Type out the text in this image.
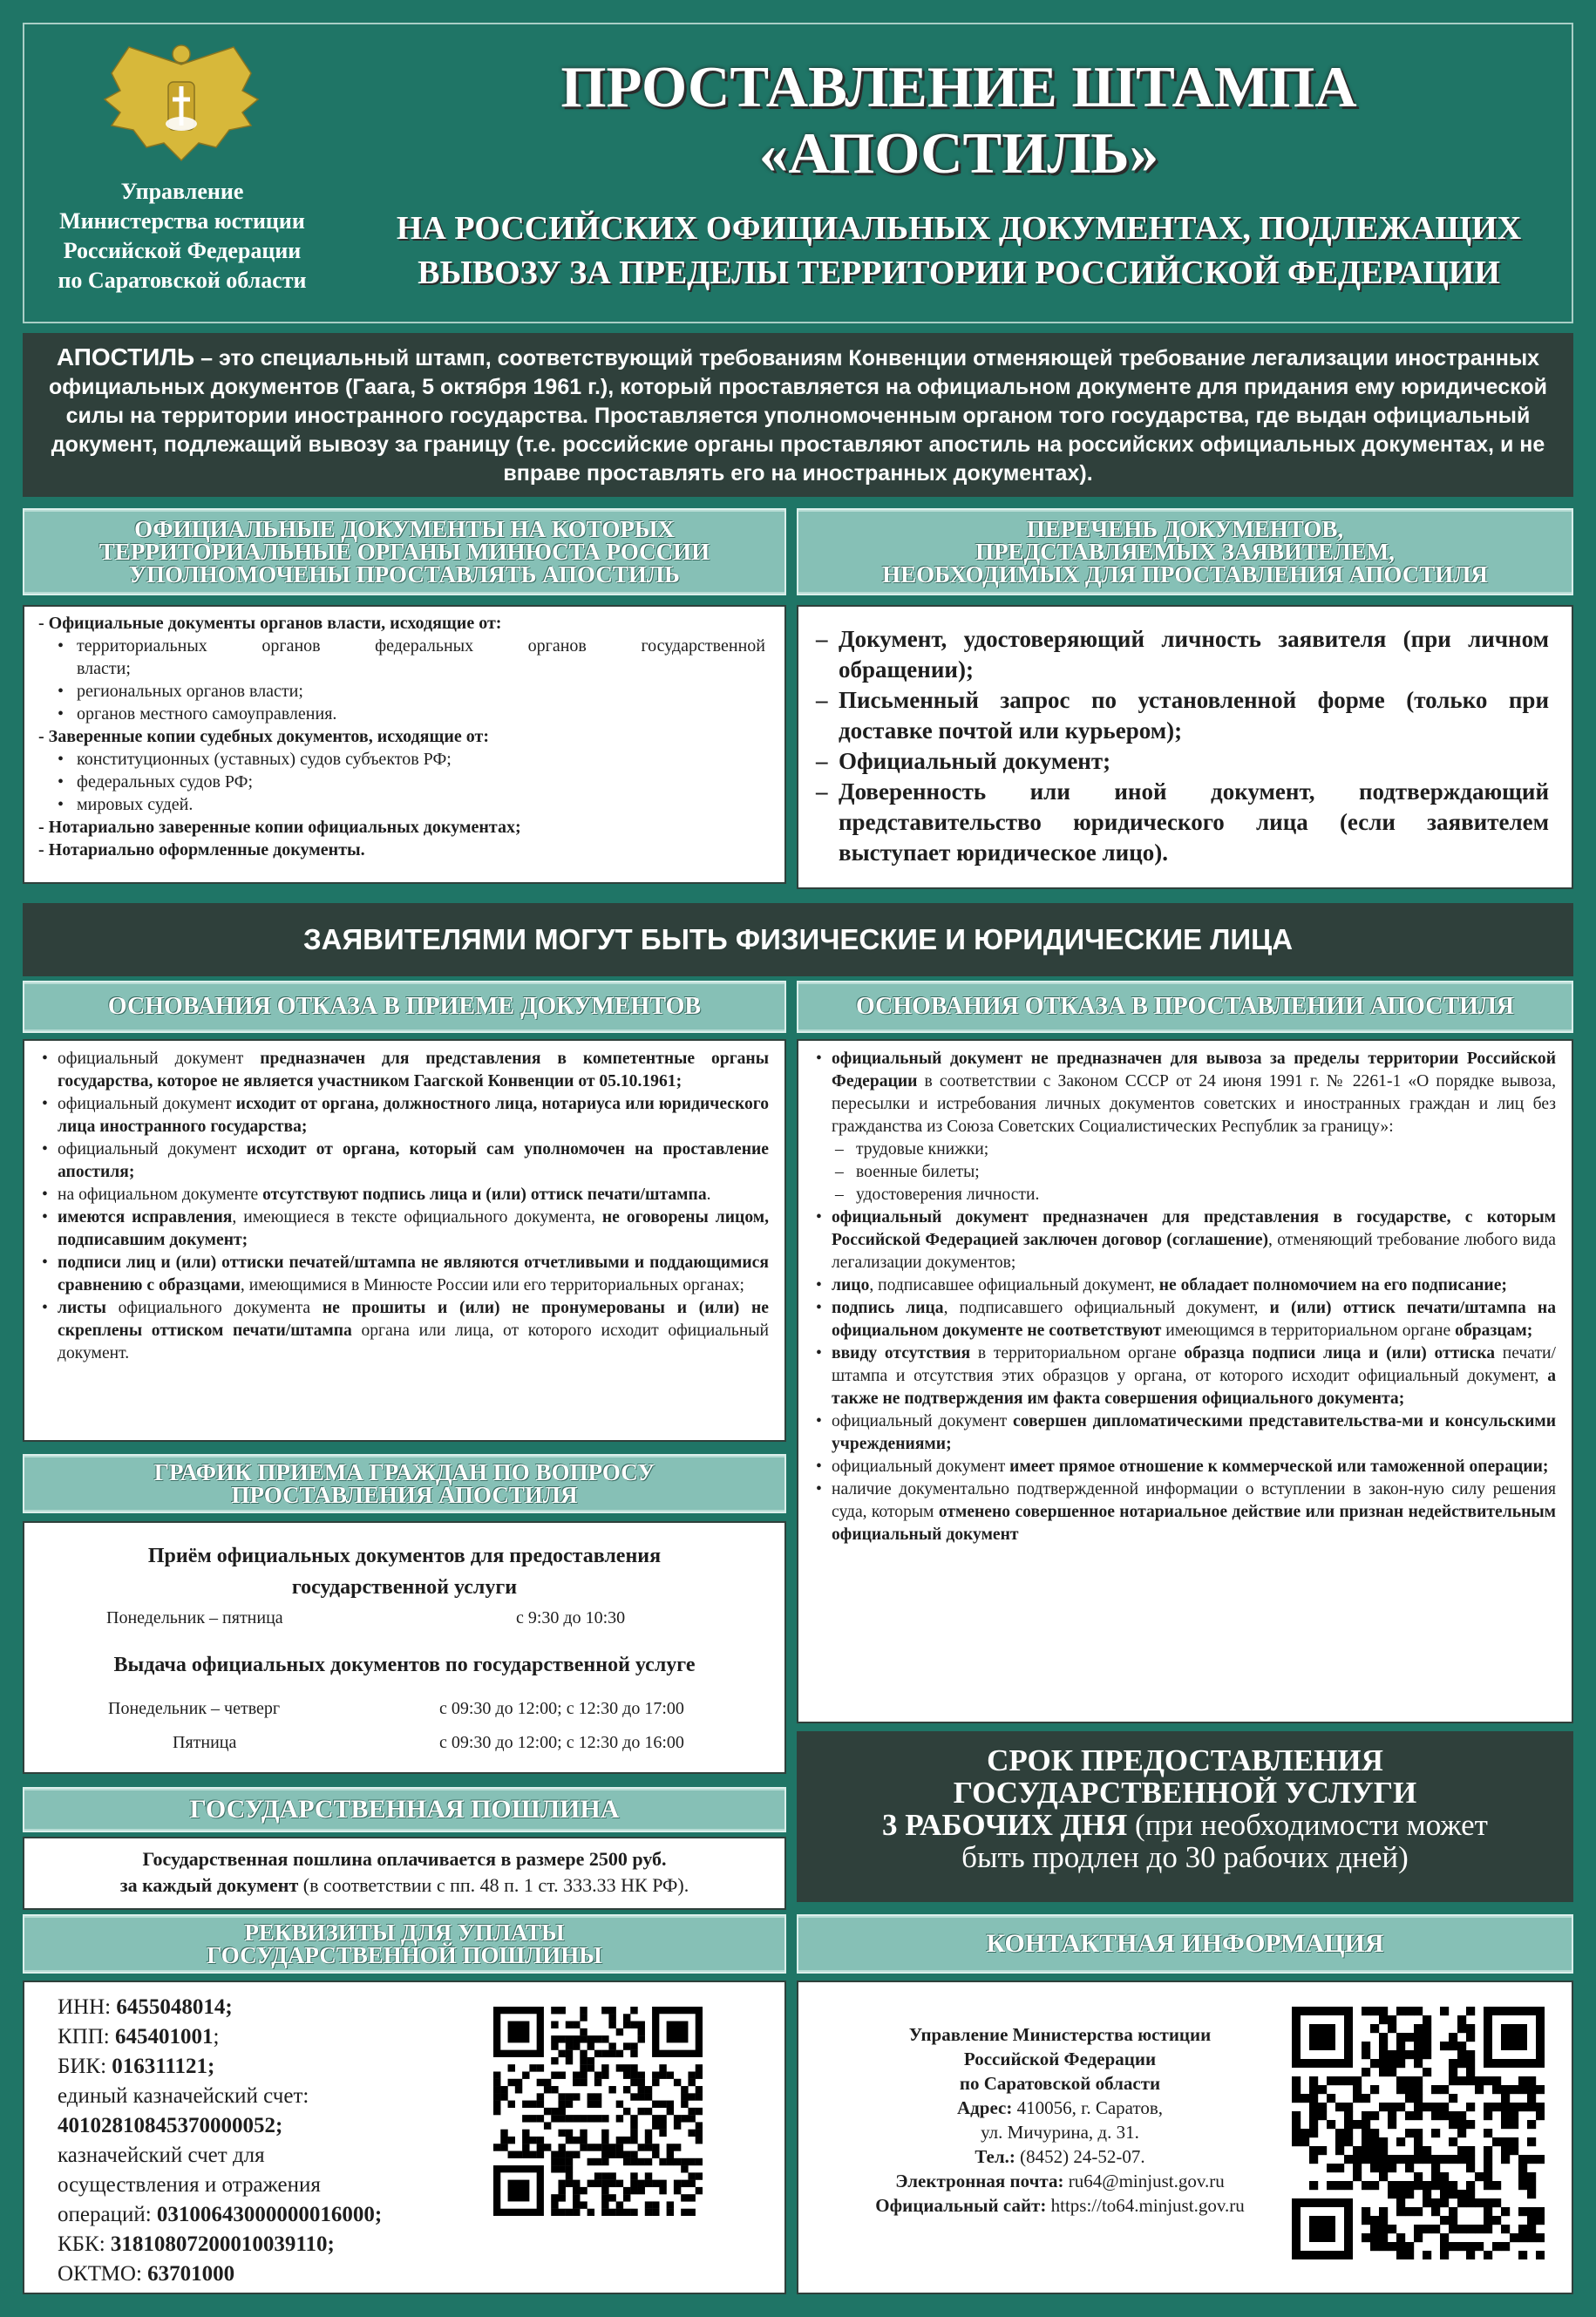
Управление
Министерства юстиции
Российской Федерации
по Саратовской области
ПРОСТАВЛЕНИЕ ШТАМПА
«АПОСТИЛЬ»
НА РОССИЙСКИХ ОФИЦИАЛЬНЫХ ДОКУМЕНТАХ, ПОДЛЕЖАЩИХ
ВЫВОЗУ ЗА ПРЕДЕЛЫ ТЕРРИТОРИИ РОССИЙСКОЙ ФЕДЕРАЦИИ
АПОСТИЛЬ – это специальный штамп, соответствующий требованиям Конвенции отменяющей требование легализации иностранных официальных документов (Гаага, 5 октября 1961 г.), который проставляется на официальном документе для придания ему юридической силы на территории иностранного государства. Проставляется уполномоченным органом того государства, где выдан официальный документ, подлежащий вывозу за границу (т.е. российские органы проставляют апостиль на российских официальных документах, и не вправе проставлять его на иностранных документах).
ОФИЦИАЛЬНЫЕ ДОКУМЕНТЫ НА КОТОРЫХ
ТЕРРИТОРИАЛЬНЫЕ ОРГАНЫ МИНЮСТА РОССИИ
УПОЛНОМОЧЕНЫ ПРОСТАВЛЯТЬ АПОСТИЛЬ
- Официальные документы органов власти, исходящие от:
• территориальных органов федеральных органов государственной
власти;
• региональных органов власти;
• органов местного самоуправления.
- Заверенные копии судебных документов, исходящие от:
• конституционных (уставных) судов субъектов РФ;
• федеральных судов РФ;
• мировых судей.
- Нотариально заверенные копии официальных документах;
- Нотариально оформленные документы.
ПЕРЕЧЕНЬ ДОКУМЕНТОВ,
ПРЕДСТАВЛЯЕМЫХ ЗАЯВИТЕЛЕМ,
НЕОБХОДИМЫХ ДЛЯ ПРОСТАВЛЕНИЯ АПОСТИЛЯ
– Документ, удостоверяющий личность заявителя (при личном обращении);
– Письменный запрос по установленной форме (только при доставке почтой или курьером);
– Официальный документ;
– Доверенность или иной документ, подтверждающий представительство юридического лица (если заявителем выступает юридическое лицо).
ЗАЯВИТЕЛЯМИ МОГУТ БЫТЬ ФИЗИЧЕСКИЕ И ЮРИДИЧЕСКИЕ ЛИЦА
ОСНОВАНИЯ ОТКАЗА В ПРИЕМЕ ДОКУМЕНТОВ
• официальный документ предназначен для представления в компетентные органы государства, которое не является участником Гаагской Конвенции от 05.10.1961;
• официальный документ исходит от органа, должностного лица, нотариуса или юридического лица иностранного государства;
• официальный документ исходит от органа, который сам уполномочен на проставление апостиля;
• на официальном документе отсутствуют подпись лица и (или) оттиск печати/штампа.
• имеются исправления, имеющиеся в тексте официального документа, не оговорены лицом, подписавшим документ;
• подписи лиц и (или) оттиски печатей/штампа не являются отчетливыми и поддающимися сравнению с образцами, имеющимися в Минюсте России или его территориальных органах;
• листы официального документа не прошиты и (или) не пронумерованы и (или) не скреплены оттиском печати/штампа органа или лица, от которого исходит официальный документ.
ГРАФИК ПРИЕМА ГРАЖДАН ПО ВОПРОСУ
ПРОСТАВЛЕНИЯ АПОСТИЛЯ
Приём официальных документов для предоставления
государственной услуги
Понедельник – пятница	с 9:30 до 10:30
Выдача официальных документов по государственной услуге
Понедельник – четверг	с 09:30 до 12:00; с 12:30 до 17:00
Пятница	с 09:30 до 12:00; с 12:30 до 16:00
ГОСУДАРСТВЕННАЯ ПОШЛИНА
Государственная пошлина оплачивается в размере 2500 руб.
за каждый документ (в соответствии с пп. 48 п. 1 ст. 333.33 НК РФ).
РЕКВИЗИТЫ ДЛЯ УПЛАТЫ
ГОСУДАРСТВЕННОЙ ПОШЛИНЫ
ИНН: 6455048014;
КПП: 645401001;
БИК: 016311121;
единый казначейский счет:
40102810845370000052;
казначейский счет для
осуществления и отражения
операций: 03100643000000016000;
КБК: 31810807200010039110;
ОКТМО: 63701000
ОСНОВАНИЯ ОТКАЗА В ПРОСТАВЛЕНИИ АПОСТИЛЯ
• официальный документ не предназначен для вывоза за пределы территории Российской Федерации в соответствии с Законом СССР от 24 июня 1991 г. № 2261-1 «О порядке вывоза, пересылки и истребования личных документов советских и иностранных граждан и лиц без гражданства из Союза Советских Социалистических Республик за границу»:
– трудовые книжки;
– военные билеты;
– удостоверения личности.
• официальный документ предназначен для представления в государстве, с которым Российской Федерацией заключен договор (соглашение), отменяющий требование любого вида легализации документов;
• лицо, подписавшее официальный документ, не обладает полномочием на его подписание;
• подпись лица, подписавшего официальный документ, и (или) оттиск печати/штампа на официальном документе не соответствуют имеющимся в территориальном органе образцам;
• ввиду отсутствия в территориальном органе образца подписи лица и (или) оттиска печати/штампа и отсутствия этих образцов у органа, от которого исходит официальный документ, а также не подтверждения им факта совершения официального документа;
• официальный документ совершен дипломатическими представительства-ми и консульскими учреждениями;
• официальный документ имеет прямое отношение к коммерческой или таможенной операции;
• наличие документально подтвержденной информации о вступлении в закон-ную силу решения суда, которым отменено совершенное нотариальное действие или признан недействительным официальный документ
СРОК ПРЕДОСТАВЛЕНИЯ
ГОСУДАРСТВЕННОЙ УСЛУГИ
3 РАБОЧИХ ДНЯ (при необходимости может
быть продлен до 30 рабочих дней)
КОНТАКТНАЯ ИНФОРМАЦИЯ
Управление Министерства юстиции
Российской Федерации
по Саратовской области
Адрес: 410056, г. Саратов,
ул. Мичурина, д. 31.
Тел.: (8452) 24-52-07.
Электронная почта: ru64@minjust.gov.ru
Официальный сайт: https://to64.minjust.gov.ru
